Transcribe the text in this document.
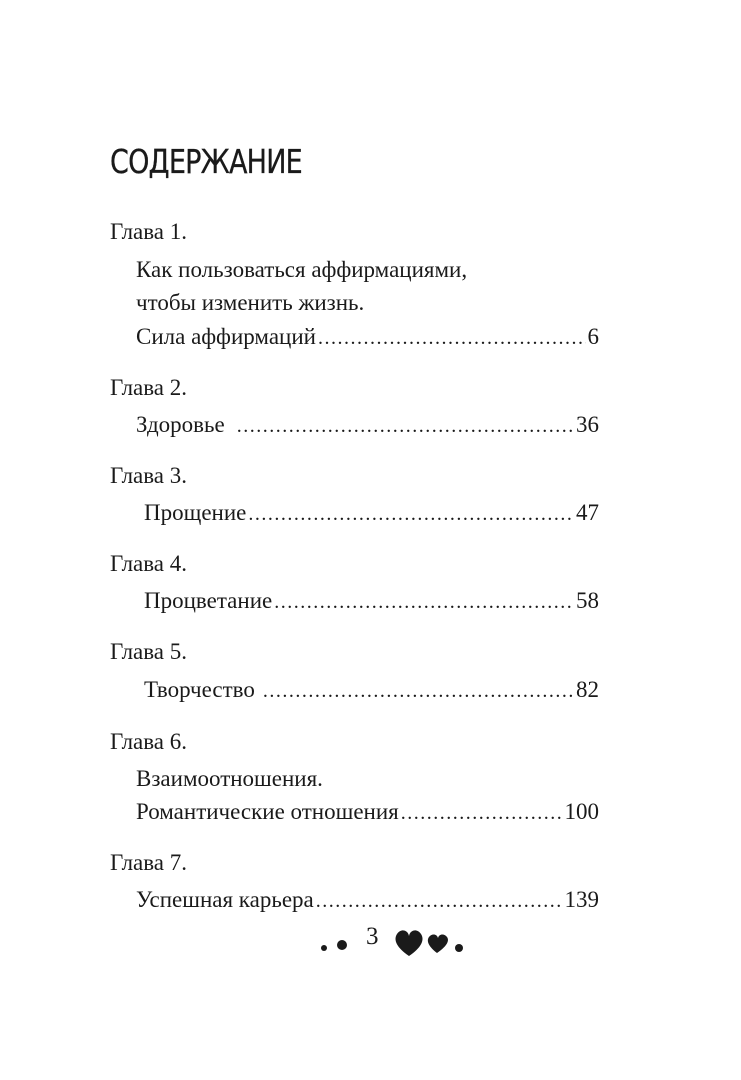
СОДЕРЖАНИЕ
Глава 1.
Как пользоваться аффирмациями,
чтобы изменить жизнь.
Сила аффирмаций .....	6
Глава 2.
Здоровье .....	36
Глава 3.
Прощение .....	47
Глава 4.
Процветание .....	58
Глава 5.
Творчество .....	82
Глава 6.
Взаимоотношения.
Романтические отношения .....	100
Глава 7.
Успешная карьера .....	139
3
